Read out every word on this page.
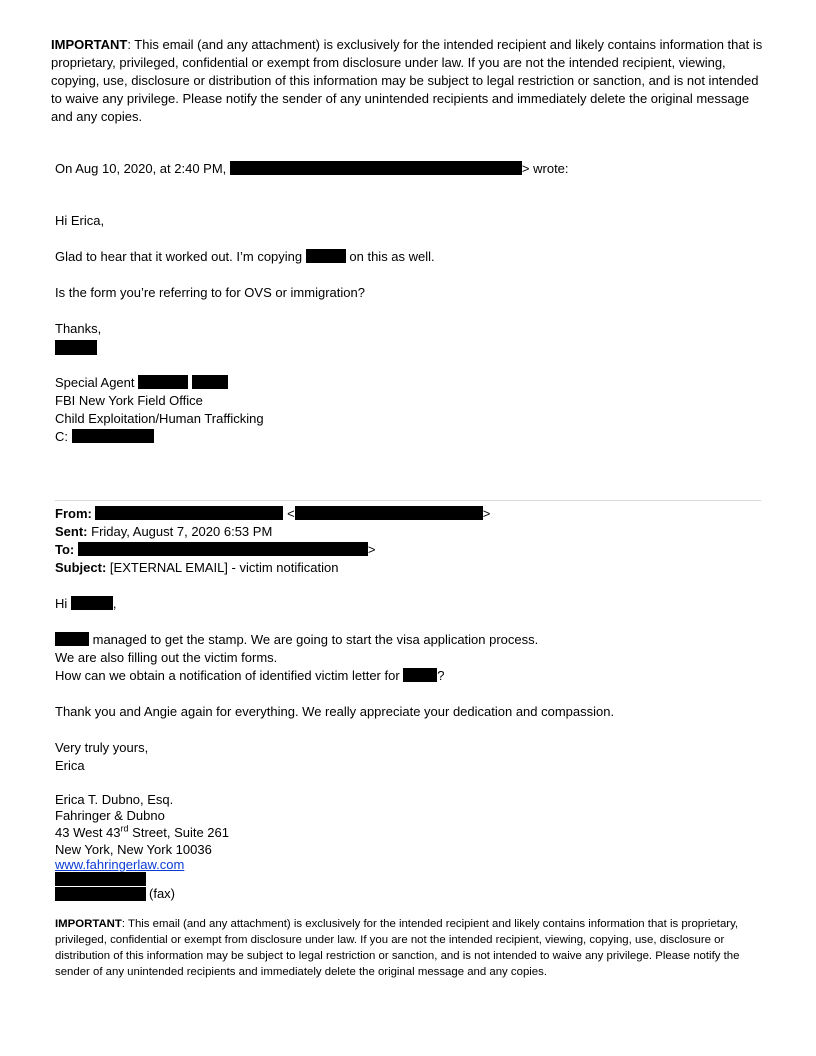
IMPORTANT: This email (and any attachment) is exclusively for the intended recipient and likely contains information that is proprietary, privileged, confidential or exempt from disclosure under law. If you are not the intended recipient, viewing, copying, use, disclosure or distribution of this information may be subject to legal restriction or sanction, and is not intended to waive any privilege. Please notify the sender of any unintended recipients and immediately delete the original message and any copies.
On Aug 10, 2020, at 2:40 PM,	> wrote:
Hi Erica,
Glad to hear that it worked out. I’m copying	on this as well.
Is the form you’re referring to for OVS or immigration?
Thanks,
Special Agent
FBI New York Field Office
Child Exploitation/Human Trafficking
C:
From:	<	>
Sent: Friday, August 7, 2020 6:53 PM
To:	>
Subject: [EXTERNAL EMAIL] - victim notification
Hi	,
managed to get the stamp. We are going to start the visa application process.
We are also filling out the victim forms.
How can we obtain a notification of identified victim letter for	?
Thank you and Angie again for everything. We really appreciate your dedication and compassion.
Very truly yours,
Erica
Erica T. Dubno, Esq.
Fahringer & Dubno
43 West 43rd Street, Suite 261
New York, New York 10036
www.fahringerlaw.com
(fax)
IMPORTANT: This email (and any attachment) is exclusively for the intended recipient and likely contains information that is proprietary, privileged, confidential or exempt from disclosure under law. If you are not the intended recipient, viewing, copying, use, disclosure or distribution of this information may be subject to legal restriction or sanction, and is not intended to waive any privilege. Please notify the sender of any unintended recipients and immediately delete the original message and any copies.
